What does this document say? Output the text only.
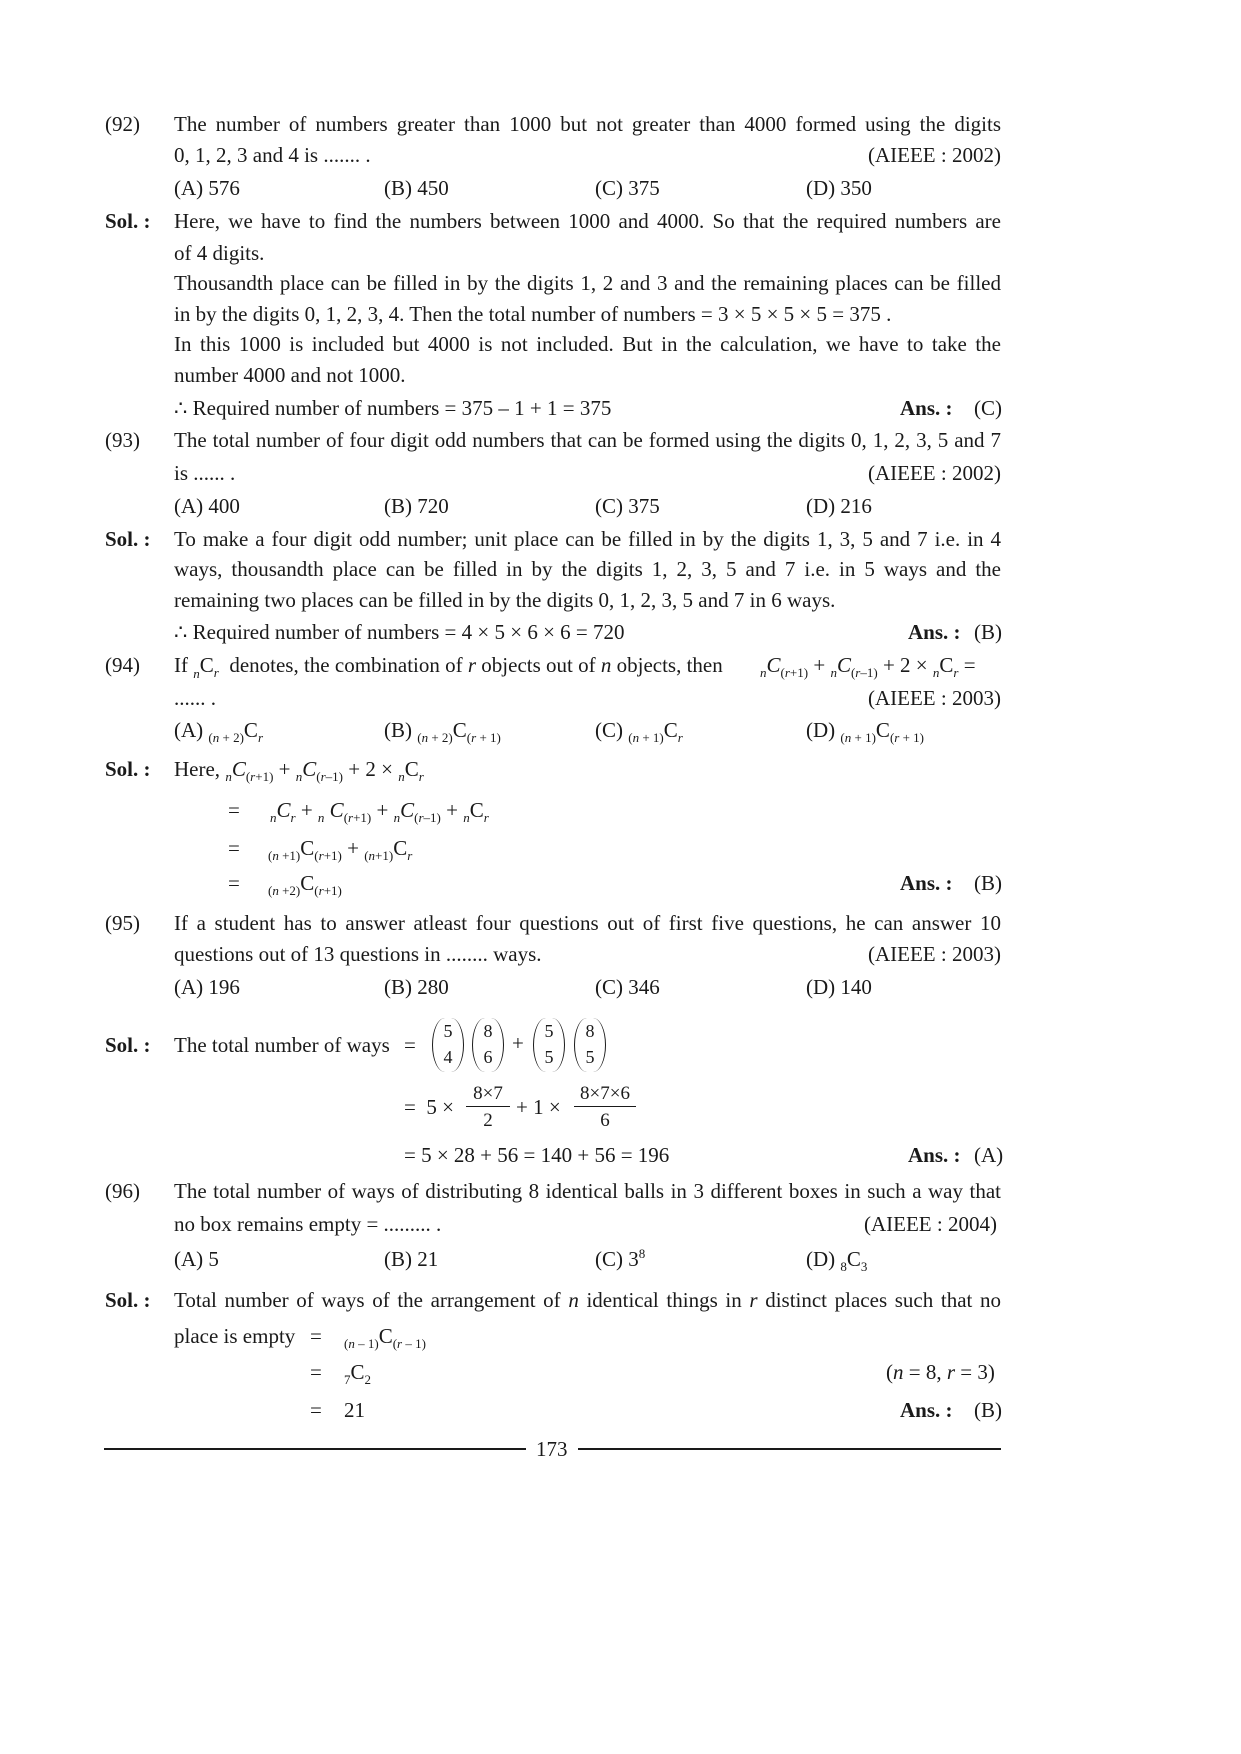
(92) The number of numbers greater than 1000 but not greater than 4000 formed using the digits
0, 1, 2, 3 and 4 is ....... .	(AIEEE : 2002)
(A) 576	(B) 450	(C) 375	(D) 350
Sol. : Here, we have to find the numbers between 1000 and 4000. So that the required numbers are
of 4 digits.
Thousandth place can be filled in by the digits 1, 2 and 3 and the remaining places can be filled
in by the digits 0, 1, 2, 3, 4. Then the total number of numbers = 3 × 5 × 5 × 5 = 375 .
In this 1000 is included but 4000 is not included. But in the calculation, we have to take the
number 4000 and not 1000.
∴ Required number of numbers = 375 – 1 + 1 = 375	Ans. : (C)
(93) The total number of four digit odd numbers that can be formed using the digits 0, 1, 2, 3, 5 and 7
is ...... .	(AIEEE : 2002)
(A) 400	(B) 720	(C) 375	(D) 216
Sol. : To make a four digit odd number; unit place can be filled in by the digits 1, 3, 5 and 7 i.e. in 4
ways, thousandth place can be filled in by the digits 1, 2, 3, 5 and 7 i.e. in 5 ways and the
remaining two places can be filled in by the digits 0, 1, 2, 3, 5 and 7 in 6 ways.
∴ Required number of numbers = 4 × 5 × 6 × 6 = 720	Ans. : (B)
(94) If $_nC_r$ denotes, the combination of r objects out of n objects, then	$_nC_{(r+1)} + _nC_{(r-1)} + 2 \times _nC_r$ =
...... .	(AIEEE : 2003)
(A) $_{(n + 2)}C_r$	(B) $_{(n + 2)}C_{(r + 1)}$	(C) $_{(n + 1)}C_r$	(D) $_{(n + 1)}C_{(r + 1)}$
Sol. : Here, $_nC_{(r+1)} + _nC_{(r-1)} + 2 \times _nC_r$
= $_nC_r + _n$ $C_{(r+1)} + _nC_{(r-1)} + _nC_r$
= $_{(n +1)}C_{(r+1)} + _{(n+1)}C_r$
= $_{(n +2)}C_{(r+1)}$	Ans. : (B)
(95) If a student has to answer atleast four questions out of first five questions, he can answer 10
questions out of 13 questions in ........ ways.	(AIEEE : 2003)
(A) 196	(B) 280	(C) 346	(D) 140
Sol. : The total number of ways =
5
4
8
6
+	5
5
8
5
=  $5 \times \frac{8\times 7}{2} + 1 \times \frac{8\times 7\times 6}{6}$
= 5 × 28 + 56 = 140 + 56 = 196	Ans. : (A)
(96) The total number of ways of distributing 8 identical balls in 3 different boxes in such a way that
no box remains empty = ......... .	(AIEEE : 2004)
(A) 5	(B) 21	(C) $3^8$	(D) $_8C_3$
Sol. : Total number of ways of the arrangement of n identical things in r distinct places such that no
place is empty = $_{(n - 1)}C_{(r - 1)}$
= $_7C_2$	(n = 8, r = 3)
= 21	Ans. : (B)
173
